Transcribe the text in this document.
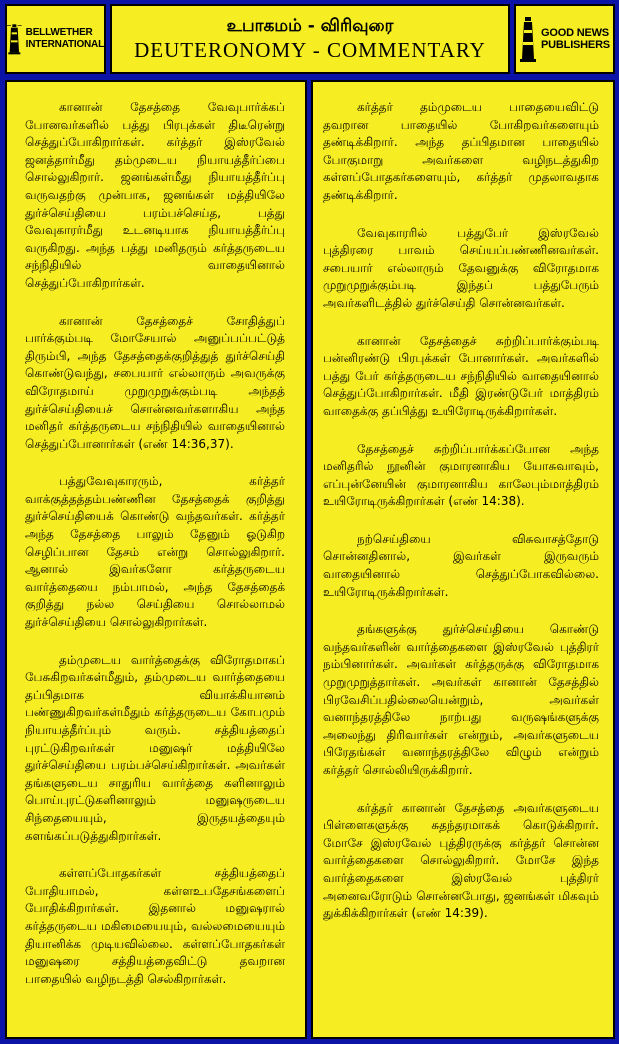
BELLWETHER
INTERNATIONAL
உபாகமம் - விரிவுரை
DEUTERONOMY - COMMENTARY
GOOD NEWS
PUBLISHERS

கானான் தேசத்தை வேவுபார்க்கப் போனவர்களில் பத்து பிரபுக்கள் திடீரென்று செத்துப்போகிறார்கள். கர்த்தர் இஸ்ரவேல் ஜனத்தார்மீது தம்முடைய நியாயத்தீர்ப்பை சொல்லுகிறார். ஜனங்கள்மீது நியாயத்தீர்ப்பு வருவதற்கு முன்பாக, ஜனங்கள் மத்தியிலே துர்ச்செய்தியை பரம்பச்செய்த, பத்து வேவுகாரர்மீது உடனடியாக நியாயத்தீர்ப்பு வருகிறது. அந்த பத்து மனிதரும் கர்த்தருடைய சந்நிதியில் வாதையினால் செத்துப்போகிறார்கள்.

கானான் தேசத்தைச் சோதித்துப் பார்க்கும்படி மோசேயால் அனுப்பப்பட்டுத் திரும்பி, அந்த தேசத்தைக்குறித்துத் துர்ச்செய்தி கொண்டுவந்து, சபையார் எல்லாரும் அவருக்கு விரோதமாய் முறுமுறுக்கும்படி அந்தத் துர்ச்செய்தியைச் சொன்னவர்களாகிய அந்த மனிதர் கர்த்தருடைய சந்நிதியில் வாதையினால் செத்துப்போனார்கள் (எண் 14:36,37).

பத்துவேவுகாரரும், கர்த்தர் வாக்குத்தத்தம்பண்ணின தேசத்தைக் குறித்து துர்ச்செய்தியைக் கொண்டு வந்தவர்கள். கர்த்தர் அந்த தேசத்தை பாலும் தேனும் ஓடுகிற செழிப்பான தேசம் என்று சொல்லுகிறார். ஆனால் இவர்களோ கர்த்தருடைய வார்த்தையை நம்பாமல், அந்த தேசத்தைக் குறித்து நல்ல செய்தியை சொல்லாமல் துர்ச்செய்தியை சொல்லுகிறார்கள்.

தம்முடைய வார்த்தைக்கு விரோதமாகப் பேசுகிறவர்கள்மீதும், தம்முடைய வார்த்தையை தப்பிதமாக வியாக்கியானம் பண்ணுகிறவர்கள்மீதும் கர்த்தருடைய கோபமும் நியாயத்தீர்ப்பும் வரும். சத்தியத்தைப் புரட்டுகிறவர்கள் மனுஷர் மத்தியிலே துர்ச்செய்தியை பரம்பச்செய்கிறார்கள். அவர்கள் தங்களுடைய சாதுரிய வார்த்தை களினாலும் பொய்புரட்டுகளினாலும் மனுஷருடைய சிந்தையையும், இருதயத்தையும் களங்கப்படுத்துகிறார்கள்.

கள்ளப்போதகர்கள் சத்தியத்தைப் போதியாமல், கள்ளஉபதேசங்களைப் போதிக்கிறார்கள். இதனால் மனுஷரால் கர்த்தருடைய மகிமையையும், வல்லமையையும் தியானிக்க முடியவில்லை. கள்ளப்போதகர்கள் மனுஷரை சத்தியத்தைவிட்டு தவறான பாதையில் வழிநடத்தி செல்கிறார்கள்.

கர்த்தர் தம்முடைய பாதையைவிட்டு தவறான பாதையில் போகிறவர்களையும் தண்டிக்கிறார். அந்த தப்பிதமான பாதையில் போகுமாறு அவர்களை வழிநடத்துகிற கள்ளப்போதகர்களையும், கர்த்தர் முதலாவதாக தண்டிக்கிறார்.

வேவுகாரரில் பத்துபேர் இஸ்ரவேல் புத்திரரை பாவம் செய்யப்பண்ணினவர்கள். சபையார் எல்லாரும் தேவனுக்கு விரோதமாக முறுமுறுக்கும்படி இந்தப் பத்துபேரும் அவர்களிடத்தில் துர்ச்செய்தி சொன்னவர்கள்.

கானான் தேசத்தைச் சுற்றிப்பார்க்கும்படி பன்னிரண்டு பிரபுக்கள் போனார்கள். அவர்களில் பத்து பேர் கர்த்தருடைய சந்நிதியில் வாதையினால் செத்துப்போகிறார்கள். மீதி இரண்டுபேர் மாத்திரம் வாதைக்கு தப்பித்து உயிரோடிருக்கிறார்கள்.

தேசத்தைச் சுற்றிப்பார்க்கப்போன அந்த மனிதரில் நூனின் குமாரனாகிய யோசுவாவும், எப்புன்னேயின் குமாரனாகிய காலேபும்மாத்திரம் உயிரோடிருக்கிறார்கள் (எண் 14:38).

நற்செய்தியை விசுவாசத்தோடு சொன்னதினால், இவர்கள் இருவரும் வாதையினால் செத்துப்போகவில்லை. உயிரோடிருக்கிறார்கள்.

தங்களுக்கு துர்ச்செய்தியை கொண்டு வந்தவர்களின் வார்த்தைகளை இஸ்ரவேல் புத்திரர் நம்பினார்கள். அவர்கள் கர்த்தருக்கு விரோதமாக முறுமுறுத்தார்கள். அவர்கள் கானான் தேசத்தில் பிரவேசிப்பதில்லையென்றும், அவர்கள் வனாந்தரத்திலே நாற்பது வருஷங்களுக்கு அலைந்து திரிவார்கள் என்றும், அவர்களுடைய பிரேதங்கள் வனாந்தரத்திலே விழும் என்றும் கர்த்தர் சொல்லியிருக்கிறார்.

கர்த்தர் கானான் தேசத்தை அவர்களுடைய பிள்ளைகளுக்கு சுதந்தரமாகக் கொடுக்கிறார். மோசே இஸ்ரவேல் புத்திரருக்கு கர்த்தர் சொன்ன வார்த்தைகளை சொல்லுகிறார். மோசே இந்த வார்த்தைகளை இஸ்ரவேல் புத்திரர் அனைவரோடும் சொன்னபோது, ஜனங்கள் மிகவும் துக்கிக்கிறார்கள் (எண் 14:39).
